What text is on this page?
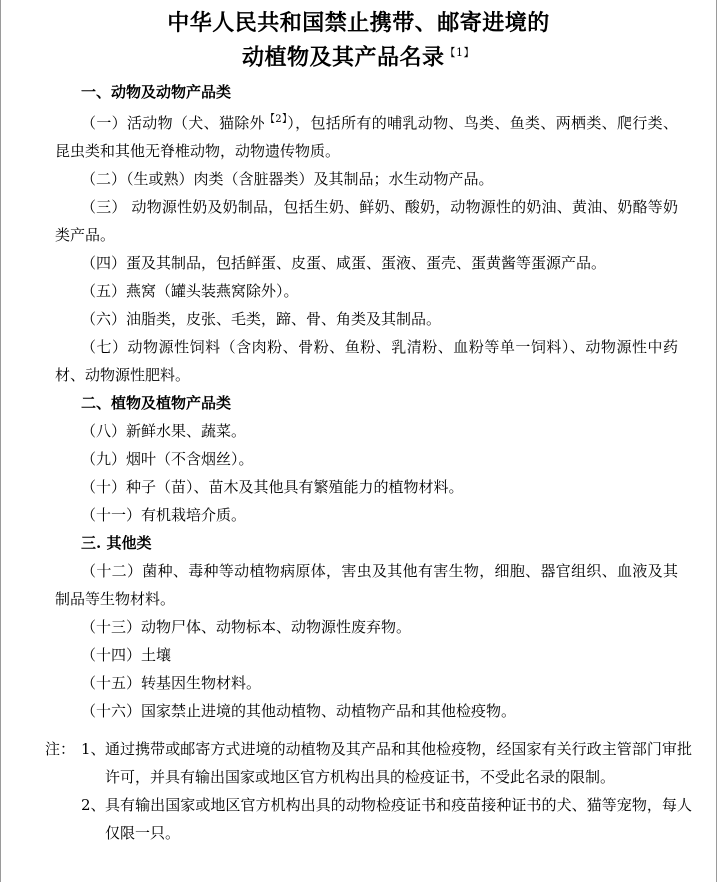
中华人民共和国禁止携带、邮寄进境的
动植物及其产品名录$^{【1】}$

一、动物及动物产品类

（一）活动物（犬、猫除外$^{【2】}$），包括所有的哺乳动物、鸟类、鱼类、两栖类、爬行类、昆虫类和其他无脊椎动物，动物遗传物质。

（二）（生或熟）肉类（含脏器类）及其制品；水生动物产品。

（三） 动物源性奶及奶制品，包括生奶、鲜奶、酸奶，动物源性的奶油、黄油、奶酪等奶类产品。

（四）蛋及其制品，包括鲜蛋、皮蛋、咸蛋、蛋液、蛋壳、蛋黄酱等蛋源产品。

（五）燕窝（罐头装燕窝除外）。

（六）油脂类，皮张、毛类，蹄、骨、角类及其制品。

（七）动物源性饲料（含肉粉、骨粉、鱼粉、乳清粉、血粉等单一饲料）、动物源性中药材、动物源性肥料。

二、植物及植物产品类

（八）新鲜水果、蔬菜。

（九）烟叶（不含烟丝）。

（十）种子（苗）、苗木及其他具有繁殖能力的植物材料。

（十一）有机栽培介质。

三. 其他类

（十二）菌种、毒种等动植物病原体，害虫及其他有害生物，细胞、器官组织、血液及其制品等生物材料。

（十三）动物尸体、动物标本、动物源性废弃物。

（十四）土壤

（十五）转基因生物材料。

（十六）国家禁止进境的其他动植物、动植物产品和其他检疫物。

注： 1、 通过携带或邮寄方式进境的动植物及其产品和其他检疫物，经国家有关行政主管部门审批许可，并具有输出国家或地区官方机构出具的检疫证书，不受此名录的限制。
2、 具有输出国家或地区官方机构出具的动物检疫证书和疫苗接种证书的犬、猫等宠物，每人仅限一只。
